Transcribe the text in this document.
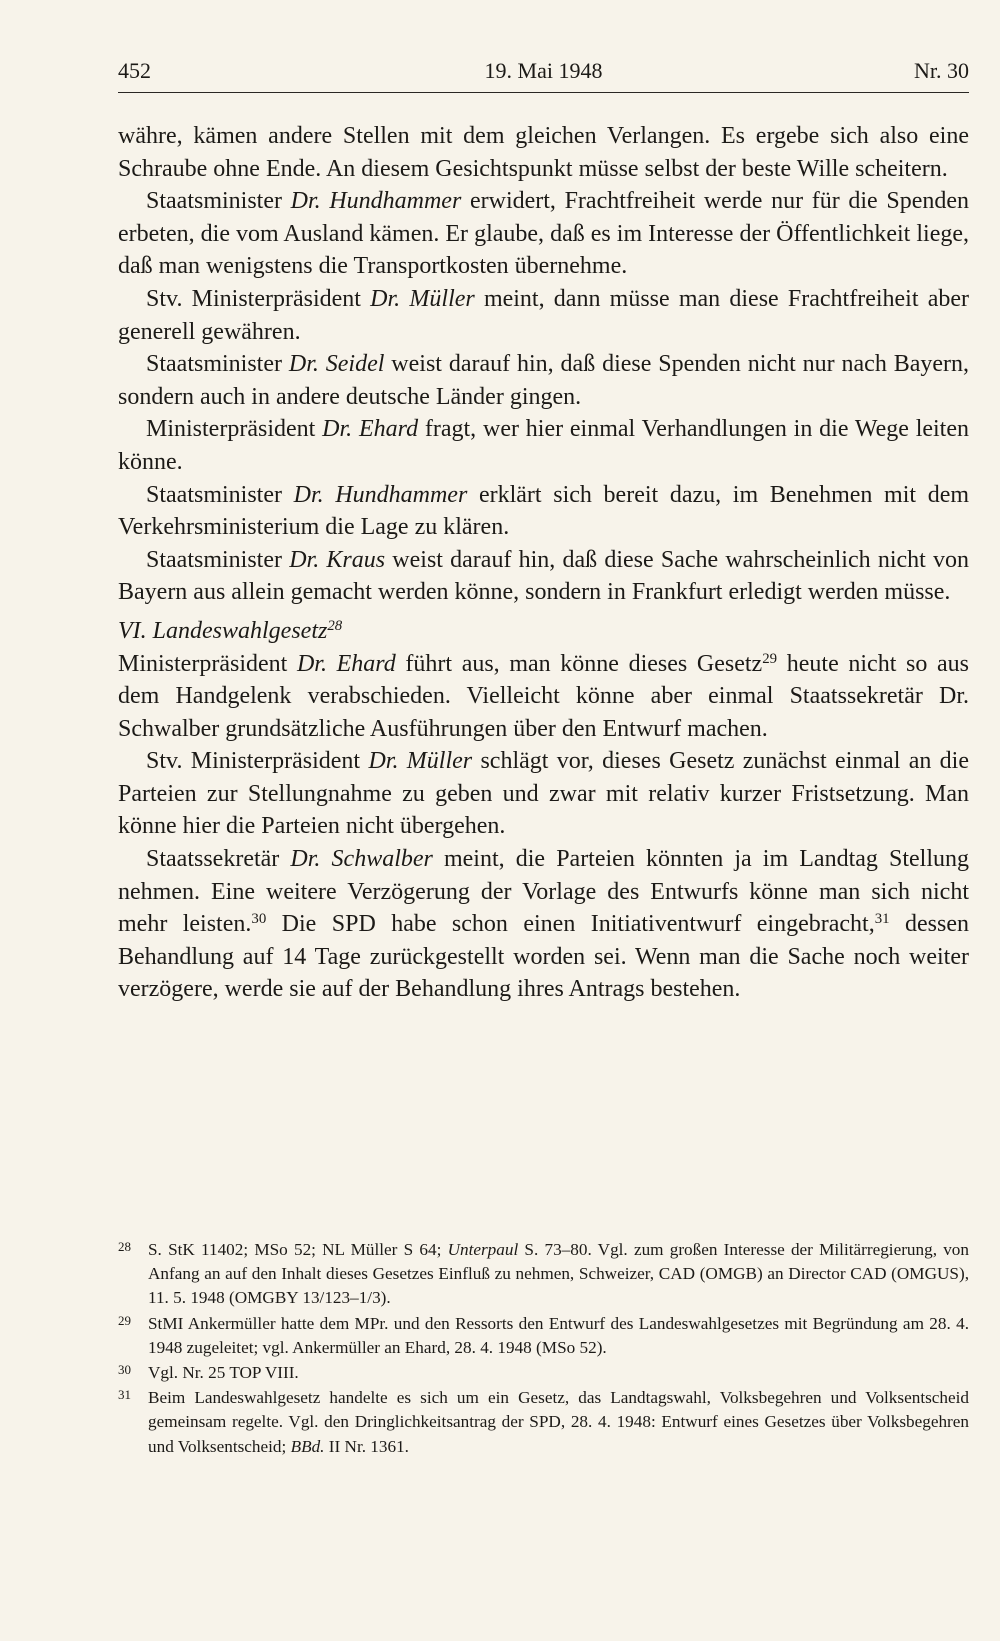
452	19. Mai 1948	Nr. 30

währe, kämen andere Stellen mit dem gleichen Verlangen. Es ergebe sich also eine Schraube ohne Ende. An diesem Gesichtspunkt müsse selbst der beste Wille scheitern.

Staatsminister Dr. Hundhammer erwidert, Frachtfreiheit werde nur für die Spenden erbeten, die vom Ausland kämen. Er glaube, daß es im Interesse der Öffentlichkeit liege, daß man wenigstens die Transportkosten übernehme.

Stv. Ministerpräsident Dr. Müller meint, dann müsse man diese Frachtfreiheit aber generell gewähren.

Staatsminister Dr. Seidel weist darauf hin, daß diese Spenden nicht nur nach Bayern, sondern auch in andere deutsche Länder gingen.

Ministerpräsident Dr. Ehard fragt, wer hier einmal Verhandlungen in die Wege leiten könne.

Staatsminister Dr. Hundhammer erklärt sich bereit dazu, im Benehmen mit dem Verkehrsministerium die Lage zu klären.

Staatsminister Dr. Kraus weist darauf hin, daß diese Sache wahrscheinlich nicht von Bayern aus allein gemacht werden könne, sondern in Frankfurt erledigt werden müsse.

VI. Landeswahlgesetz$^{28}$

Ministerpräsident Dr. Ehard führt aus, man könne dieses Gesetz$^{29}$ heute nicht so aus dem Handgelenk verabschieden. Vielleicht könne aber einmal Staatssekretär Dr. Schwalber grundsätzliche Ausführungen über den Entwurf machen.

Stv. Ministerpräsident Dr. Müller schlägt vor, dieses Gesetz zunächst einmal an die Parteien zur Stellungnahme zu geben und zwar mit relativ kurzer Fristsetzung. Man könne hier die Parteien nicht übergehen.

Staatssekretär Dr. Schwalber meint, die Parteien könnten ja im Landtag Stellung nehmen. Eine weitere Verzögerung der Vorlage des Entwurfs könne man sich nicht mehr leisten.$^{30}$ Die SPD habe schon einen Initiativentwurf eingebracht,$^{31}$ dessen Behandlung auf 14 Tage zurückgestellt worden sei. Wenn man die Sache noch weiter verzögere, werde sie auf der Behandlung ihres Antrags bestehen.

28 S. StK 11402; MSo 52; NL Müller S 64; Unterpaul S. 73–80. Vgl. zum großen Interesse der Militärregierung, von Anfang an auf den Inhalt dieses Gesetzes Einfluß zu nehmen, Schweizer, CAD (OMGB) an Director CAD (OMGUS), 11. 5. 1948 (OMGBY 13/123–1/3).
29 StMI Ankermüller hatte dem MPr. und den Ressorts den Entwurf des Landeswahlgesetzes mit Begründung am 28. 4. 1948 zugeleitet; vgl. Ankermüller an Ehard, 28. 4. 1948 (MSo 52).
30 Vgl. Nr. 25 TOP VIII.
31 Beim Landeswahlgesetz handelte es sich um ein Gesetz, das Landtagswahl, Volksbegehren und Volksentscheid gemeinsam regelte. Vgl. den Dringlichkeitsantrag der SPD, 28. 4. 1948: Entwurf eines Gesetzes über Volksbegehren und Volksentscheid; BBd. II Nr. 1361.
